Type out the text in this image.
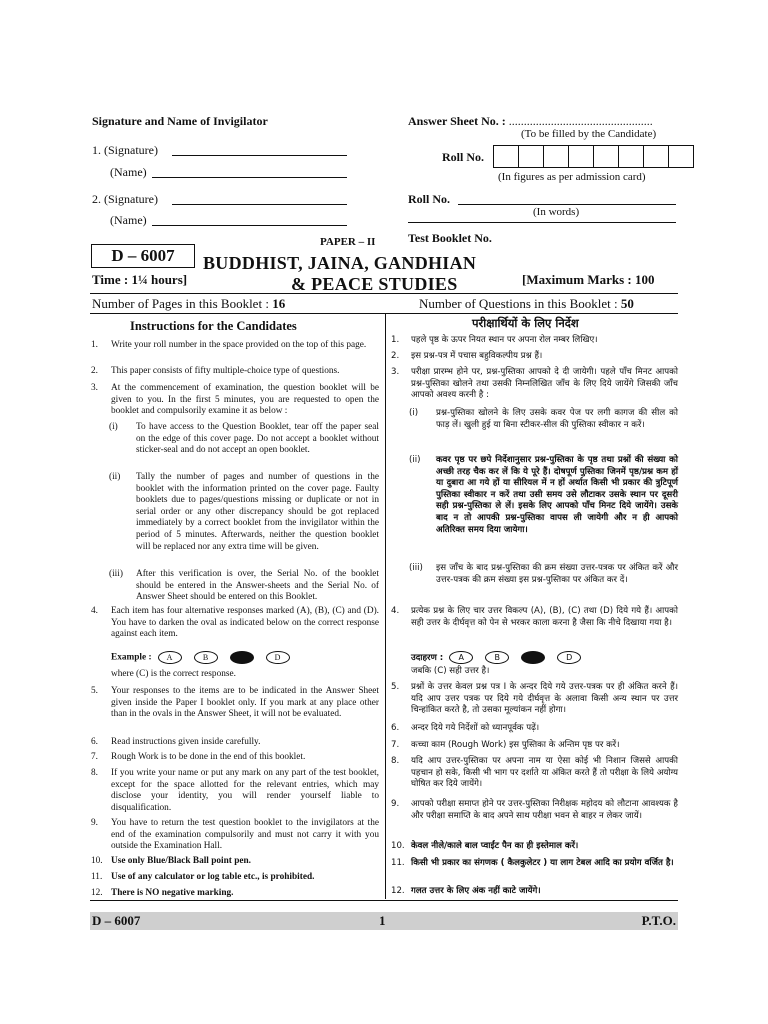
Signature and Name of Invigilator
1. (Signature)
(Name)
2. (Signature)
(Name)
Answer Sheet No. : ................................................
(To be filled by the Candidate)
Roll No.
(In figures as per admission card)
Roll No.
(In words)
Test Booklet No.
PAPER – II
D – 6007	BUDDHIST, JAINA, GANDHIAN
& PEACE STUDIES
Time : 1¼ hours]	[Maximum Marks : 100
Number of Pages in this Booklet : 16	Number of Questions in this Booklet : 50
Instructions for the Candidates
1. Write your roll number in the space provided on the top of this page.
2. This paper consists of fifty multiple-choice type of questions.
3. At the commencement of examination, the question booklet will be given to you. In the first 5 minutes, you are requested to open the booklet and compulsorily examine it as below :
(i) To have access to the Question Booklet, tear off the paper seal on the edge of this cover page. Do not accept a booklet without sticker-seal and do not accept an open booklet.
(ii) Tally the number of pages and number of questions in the booklet with the information printed on the cover page. Faulty booklets due to pages/questions missing or duplicate or not in serial order or any other discrepancy should be got replaced immediately by a correct booklet from the invigilator within the period of 5 minutes. Afterwards, neither the question booklet will be replaced nor any extra time will be given.
(iii) After this verification is over, the Serial No. of the booklet should be entered in the Answer-sheets and the Serial No. of Answer Sheet should be entered on this Booklet.
4. Each item has four alternative responses marked (A), (B), (C) and (D). You have to darken the oval as indicated below on the correct response against each item.
Example : A	B	D
where (C) is the correct response.
5. Your responses to the items are to be indicated in the Answer Sheet given inside the Paper I booklet only. If you mark at any place other than in the ovals in the Answer Sheet, it will not be evaluated.
6. Read instructions given inside carefully.
7. Rough Work is to be done in the end of this booklet.
8. If you write your name or put any mark on any part of the test booklet, except for the space allotted for the relevant entries, which may disclose your identity, you will render yourself liable to disqualification.
9. You have to return the test question booklet to the invigilators at the end of the examination compulsorily and must not carry it with you outside the Examination Hall.
10. Use only Blue/Black Ball point pen.
11. Use of any calculator or log table etc., is prohibited.
12. There is NO negative marking.
परीक्षार्थियों के लिए निर्देश
1. पहले पृष्ठ के ऊपर नियत स्थान पर अपना रोल नम्बर लिखिए।
2. इस प्रश्न-पत्र में पचास बहुविकल्पीय प्रश्न हैं।
3. परीक्षा प्रारम्भ होने पर, प्रश्न-पुस्तिका आपको दे दी जायेगी। पहले पाँच मिनट आपको प्रश्न-पुस्तिका खोलने तथा उसकी निम्नलिखित जाँच के लिए दिये जायेंगे जिसकी जाँच आपको अवश्य करनी है :
(i) प्रश्न-पुस्तिका खोलने के लिए उसके कवर पेज पर लगी कागज की सील को फाड़ लें। खुली हुई या बिना स्टीकर-सील की पुस्तिका स्वीकार न करें।
(ii) कवर पृष्ठ पर छपे निर्देशानुसार प्रश्न-पुस्तिका के पृष्ठ तथा प्रश्नों की संख्या को अच्छी तरह चैक कर लें कि ये पूरे हैं। दोषपूर्ण पुस्तिका जिनमें पृष्ठ/प्रश्न कम हों या दुबारा आ गये हों या सीरियल में न हों अर्थात किसी भी प्रकार की त्रुटिपूर्ण पुस्तिका स्वीकार न करें तथा उसी समय उसे लौटाकर उसके स्थान पर दूसरी सही प्रश्न-पुस्तिका ले लें। इसके लिए आपको पाँच मिनट दिये जायेंगे। उसके बाद न तो आपकी प्रश्न-पुस्तिका वापस ली जायेगी और न ही आपको अतिरिक्त समय दिया जायेगा।
(iii) इस जाँच के बाद प्रश्न-पुस्तिका की क्रम संख्या उत्तर-पत्रक पर अंकित करें और उत्तर-पत्रक की क्रम संख्या इस प्रश्न-पुस्तिका पर अंकित कर दें।
4. प्रत्येक प्रश्न के लिए चार उत्तर विकल्प (A), (B), (C) तथा (D) दिये गये हैं। आपको सही उत्तर के दीर्घवृत्त को पेन से भरकर काला करना है जैसा कि नीचे दिखाया गया है।
उदाहरण : A	B	D
जबकि (C) सही उत्तर है।
5. प्रश्नों के उत्तर केवल प्रश्न पत्र I के अन्दर दिये गये उत्तर-पत्रक पर ही अंकित करने हैं। यदि आप उत्तर पत्रक पर दिये गये दीर्घवृत्त के अलावा किसी अन्य स्थान पर उत्तर चिन्हांकित करते है, तो उसका मूल्यांकन नहीं होगा।
6. अन्दर दिये गये निर्देशों को ध्यानपूर्वक पढ़ें।
7. कच्चा काम (Rough Work) इस पुस्तिका के अन्तिम पृष्ठ पर करें।
8. यदि आप उत्तर-पुस्तिका पर अपना नाम या ऐसा कोई भी निशान जिससे आपकी पहचान हो सके, किसी भी भाग पर दर्शाते या अंकित करते हैं तो परीक्षा के लिये अयोग्य घोषित कर दिये जायेंगे।
9. आपको परीक्षा समाप्त होने पर उत्तर-पुस्तिका निरीक्षक महोदय को लौटाना आवश्यक है और परीक्षा समाप्ति के बाद अपने साथ परीक्षा भवन से बाहर न लेकर जायें।
10. केवल नीले/काले बाल प्वाईंट पैन का ही इस्तेमाल करें।
11. किसी भी प्रकार का संगणक ( कैलकुलेटर ) या लाग टेबल आदि का प्रयोग वर्जित है।
12. गलत उत्तर के लिए अंक नहीं काटे जायेंगे।
D – 6007	1	P.T.O.
